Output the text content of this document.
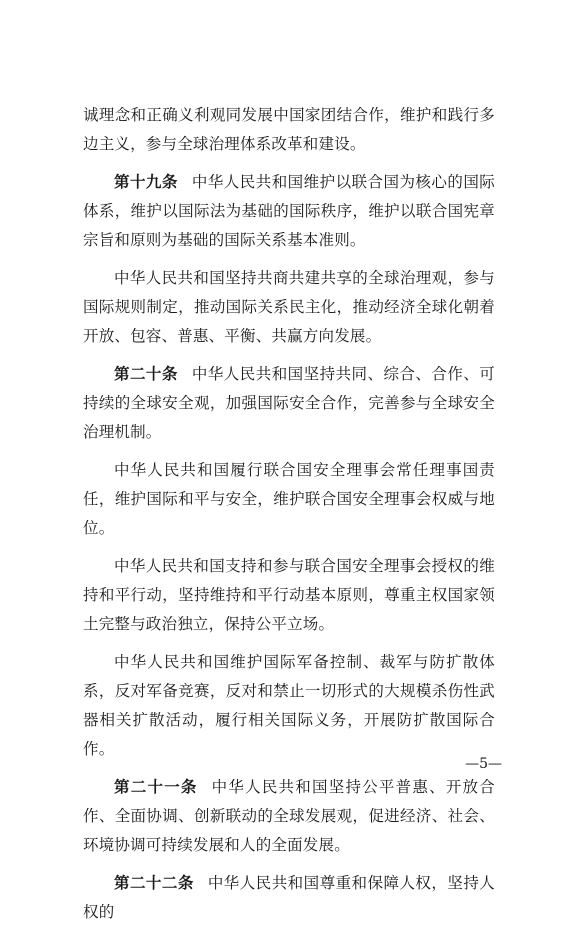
诚理念和正确义利观同发展中国家团结合作，维护和践行多边主义，参与全球治理体系改革和建设。

第十九条 中华人民共和国维护以联合国为核心的国际体系，维护以国际法为基础的国际秩序，维护以联合国宪章宗旨和原则为基础的国际关系基本准则。

中华人民共和国坚持共商共建共享的全球治理观，参与国际规则制定，推动国际关系民主化，推动经济全球化朝着开放、包容、普惠、平衡、共赢方向发展。

第二十条 中华人民共和国坚持共同、综合、合作、可持续的全球安全观，加强国际安全合作，完善参与全球安全治理机制。

中华人民共和国履行联合国安全理事会常任理事国责任，维护国际和平与安全，维护联合国安全理事会权威与地位。

中华人民共和国支持和参与联合国安全理事会授权的维持和平行动，坚持维持和平行动基本原则，尊重主权国家领土完整与政治独立，保持公平立场。

中华人民共和国维护国际军备控制、裁军与防扩散体系，反对军备竞赛，反对和禁止一切形式的大规模杀伤性武器相关扩散活动，履行相关国际义务，开展防扩散国际合作。

第二十一条 中华人民共和国坚持公平普惠、开放合作、全面协调、创新联动的全球发展观，促进经济、社会、环境协调可持续发展和人的全面发展。

第二十二条 中华人民共和国尊重和保障人权，坚持人权的

—5—
